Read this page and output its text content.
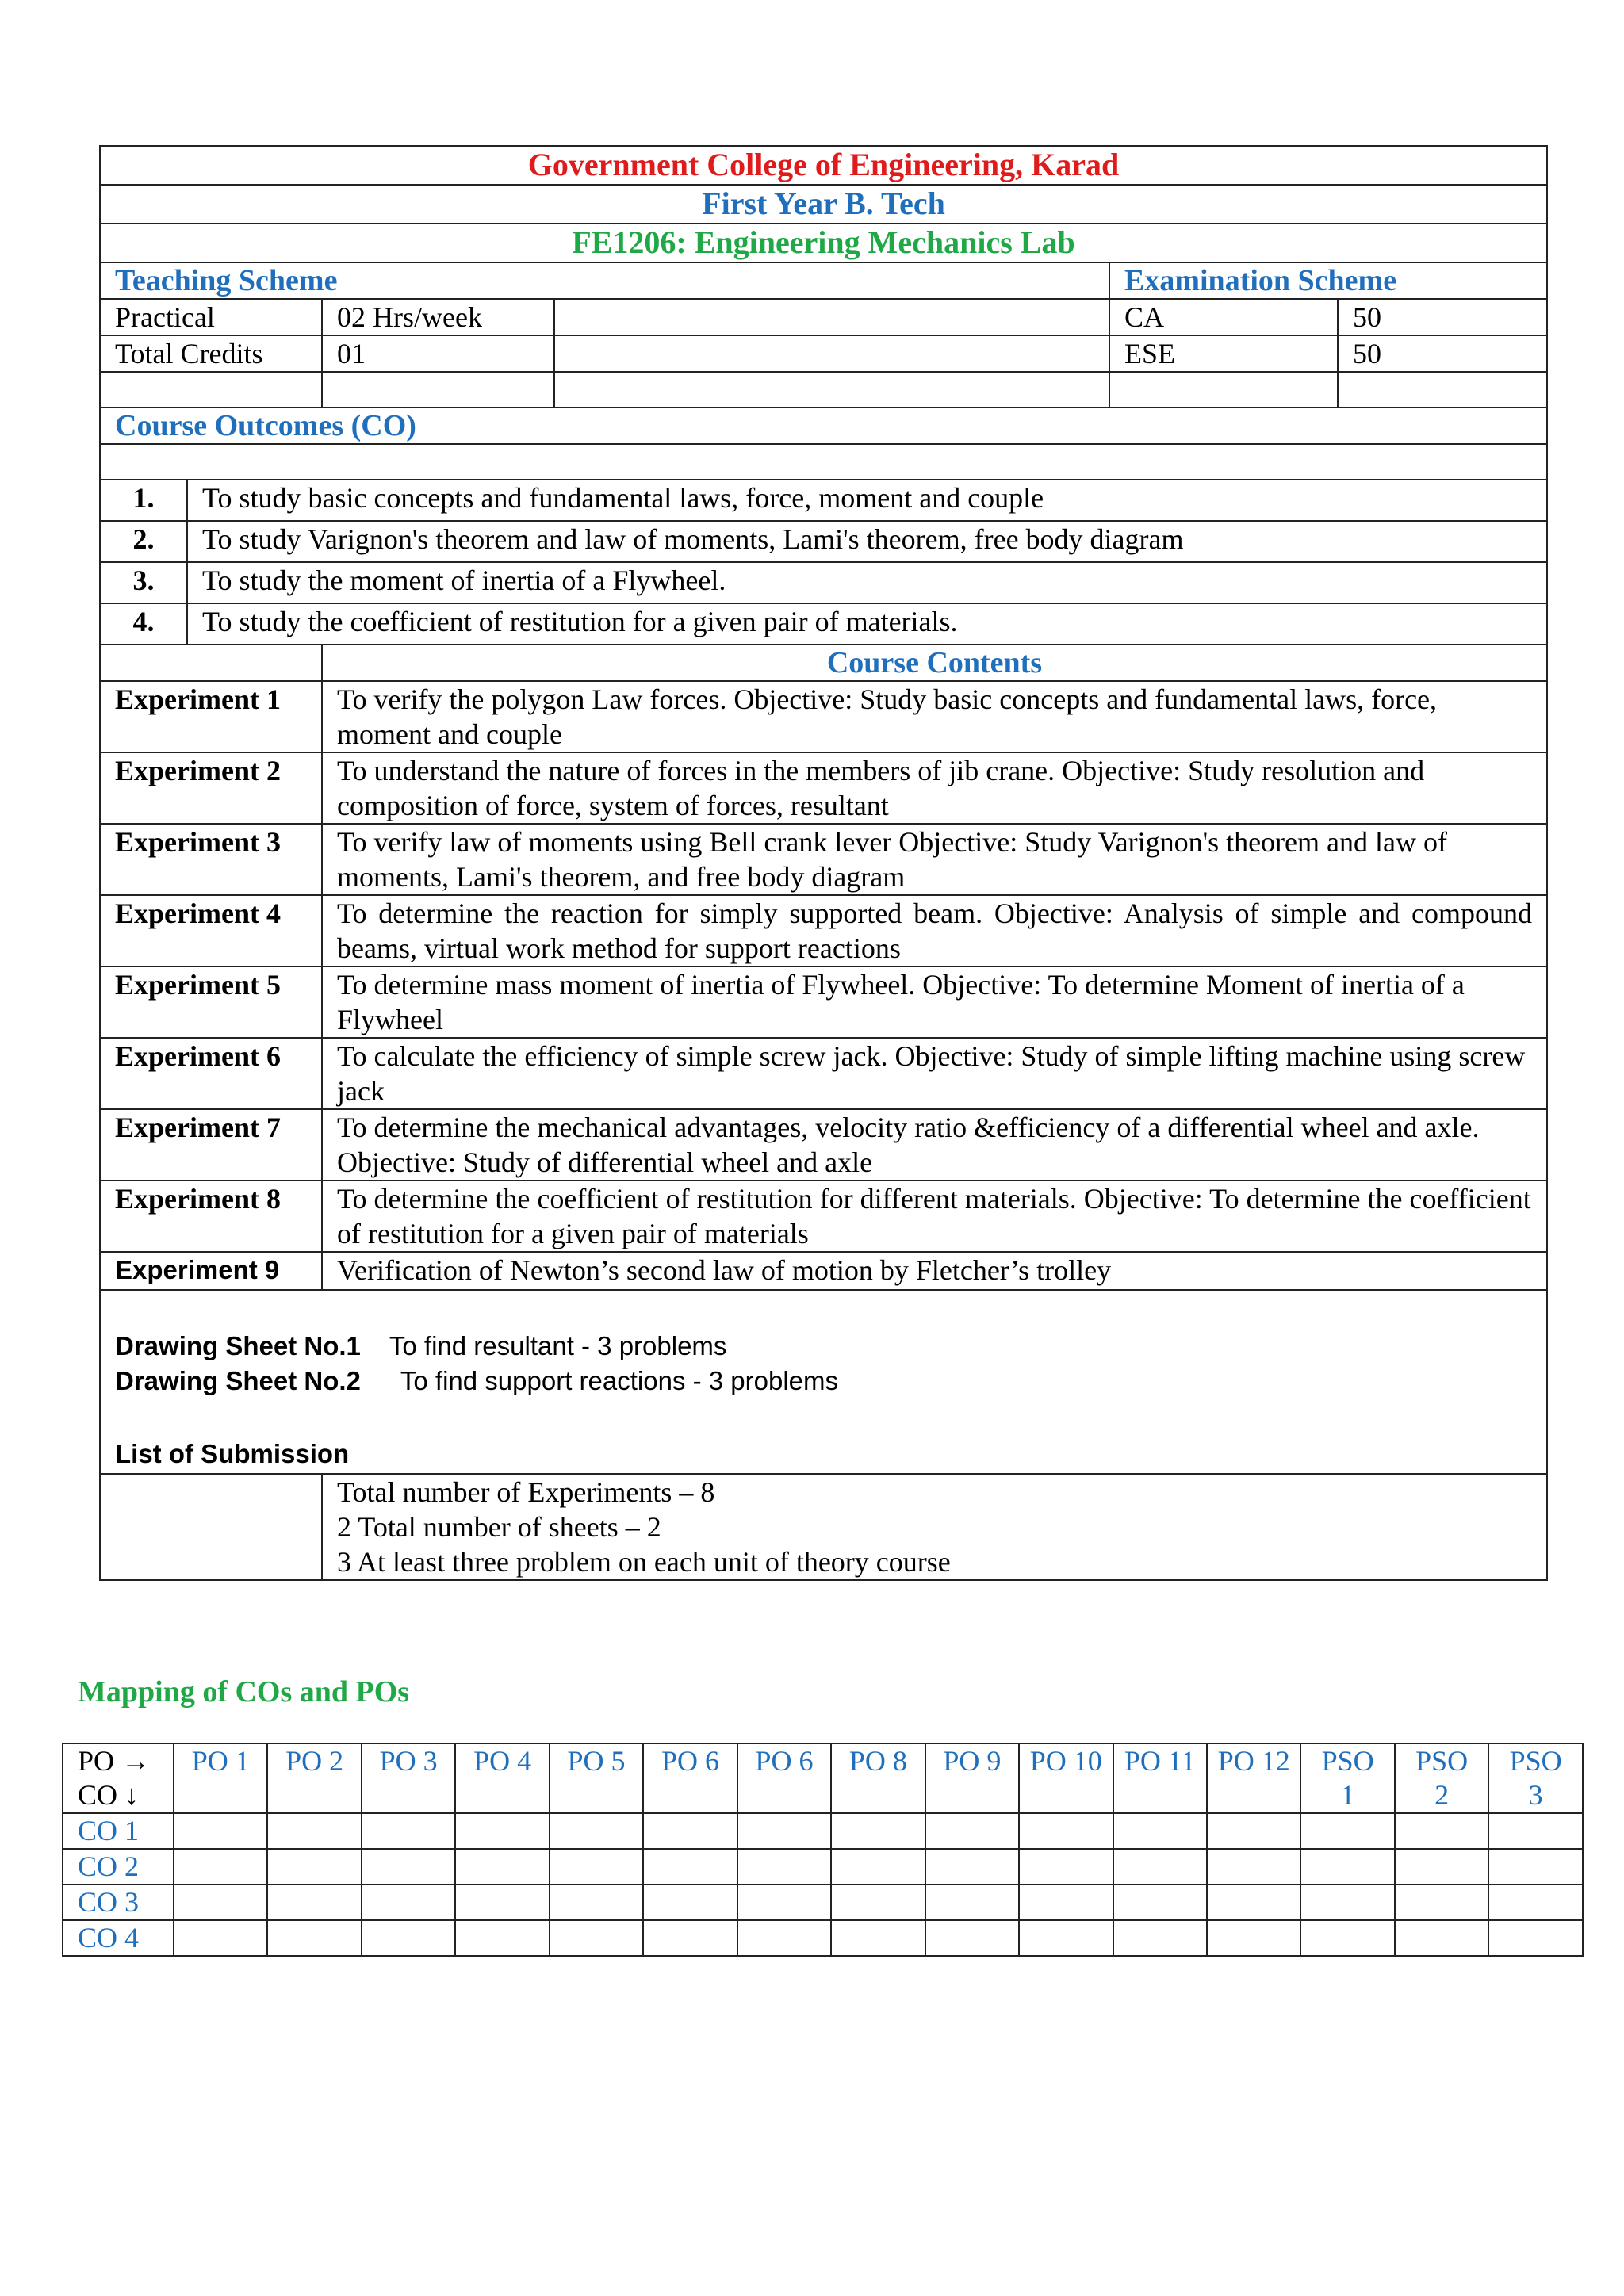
Government College of Engineering, Karad					
First Year B. Tech					
FE1206: Engineering Mechanics Lab					
Teaching Scheme				Examination Scheme	
Practical		02 Hrs/week		CA	50
Total Credits		01		ESE	50

Course Outcomes (CO)					

1.	To study basic concepts and fundamental laws, force, moment and couple				
2.	To study Varignon's theorem and law of moments, Lami's theorem, free body diagram				
3.	To study the moment of inertia of a Flywheel.				
4.	To study the coefficient of restitution for a given pair of materials.				
		Course Contents			
Experiment 1		To verify the polygon Law forces. Objective: Study basic concepts and fundamental laws, force, moment and couple			
Experiment 2		To understand the nature of forces in the members of jib crane. Objective: Study resolution and composition of force, system of forces, resultant			
Experiment 3		To verify law of moments using Bell crank lever Objective: Study Varignon's theorem and law of moments, Lami's theorem, and free body diagram			
Experiment 4		To determine the reaction for simply supported beam. Objective: Analysis of simple and compound beams, virtual work method for support reactions			
Experiment 5		To determine mass moment of inertia of Flywheel. Objective: To determine Moment of inertia of a Flywheel			
Experiment 6		To calculate the efficiency of simple screw jack. Objective: Study of simple lifting machine using screw jack			
Experiment 7		To determine the mechanical advantages, velocity ratio &efficiency of a differential wheel and axle. Objective: Study of differential wheel and axle			
Experiment 8		To determine the coefficient of restitution for different materials. Objective: To determine the coefficient of restitution for a given pair of materials			
Experiment 9		Verification of Newton’s second law of motion by Fletcher’s trolley			

Drawing Sheet No.1 To find resultant - 3 problems
Drawing Sheet No.2 To find support reactions - 3 problems
List of Submission					

		Total number of Experiments – 8
2 Total number of sheets – 2
3 At least three problem on each unit of theory course			
Mapping of COs and POs
PO →
CO ↓	PO 1	PO 2	PO 3	PO 4	PO 5	PO 6	PO 6	PO 8	PO 9	PO 10	PO 11	PO 12	PSO 1	PSO 2	PSO 3
CO 1															
CO 2															
CO 3															
CO 4															
